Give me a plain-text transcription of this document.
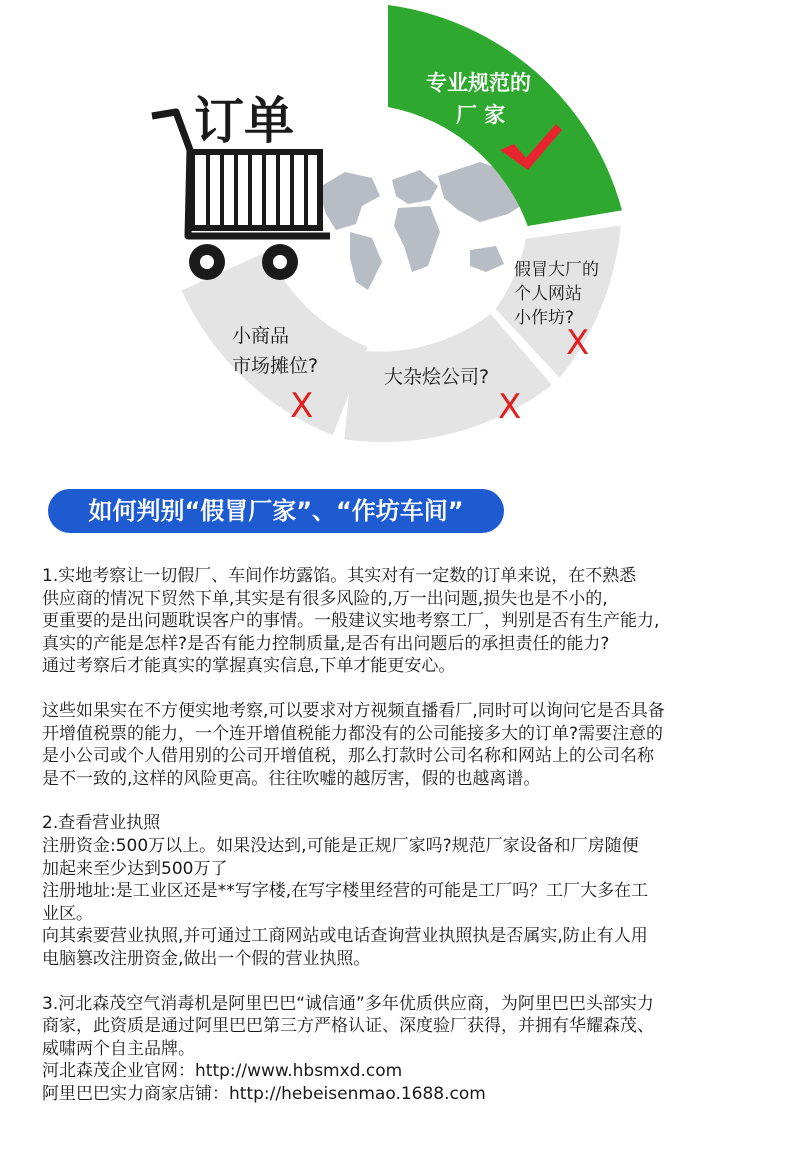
订单
专业规范的
厂 家
假冒大厂的
个人网站
小作坊?
X
大杂烩公司?
X
小商品
市场摊位?
X
如何判别“假冒厂家”、“作坊车间”
1.实地考察让一切假厂、车间作坊露馅。其实对有一定数的订单来说，在不熟悉
供应商的情况下贸然下单,其实是有很多风险的,万一出问题,损失也是不小的,
更重要的是出问题耽误客户的事情。一般建议实地考察工厂，判别是否有生产能力,
真实的产能是怎样?是否有能力控制质量,是否有出问题后的承担责任的能力?
通过考察后才能真实的掌握真实信息,下单才能更安心。
这些如果实在不方便实地考察,可以要求对方视频直播看厂,同时可以询问它是否具备
开增值税票的能力，一个连开增值税能力都没有的公司能接多大的订单?需要注意的
是小公司或个人借用别的公司开增值税，那么打款时公司名称和网站上的公司名称
是不一致的,这样的风险更高。往往吹嘘的越厉害，假的也越离谱。
2.查看营业执照
注册资金:500万以上。如果没达到,可能是正规厂家吗?规范厂家设备和厂房随便
加起来至少达到500万了
注册地址:是工业区还是**写字楼,在写字楼里经营的可能是工厂吗？工厂大多在工
业区。
向其索要营业执照,并可通过工商网站或电话查询营业执照执是否属实,防止有人用
电脑篡改注册资金,做出一个假的营业执照。
3.河北森茂空气消毒机是阿里巴巴“诚信通”多年优质供应商，为阿里巴巴头部实力
商家，此资质是通过阿里巴巴第三方严格认证、深度验厂获得，并拥有华耀森茂、
威啸两个自主品牌。
河北森茂企业官网：http://www.hbsmxd.com
阿里巴巴实力商家店铺：http://hebeisenmao.1688.com
